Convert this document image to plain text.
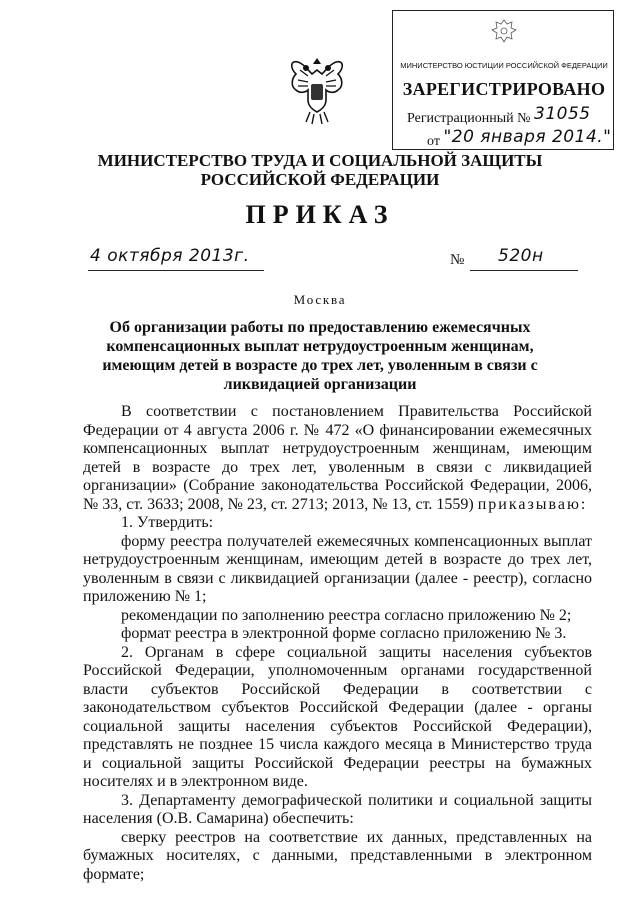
МИНИСТЕРСТВО ЮСТИЦИИ РОССИЙСКОЙ ФЕДЕРАЦИИ
ЗАРЕГИСТРИРОВАНО
Регистрационный № 31055
от "20 января 2014."
МИНИСТЕРСТВО ТРУДА И СОЦИАЛЬНОЙ ЗАЩИТЫ
РОССИЙСКОЙ ФЕДЕРАЦИИ
ПРИКАЗ
4 октября 2013г.	№ 520н
Москва
Об организации работы по предоставлению ежемесячных
компенсационных выплат нетрудоустроенным женщинам,
имеющим детей в возрасте до трех лет, уволенным в связи с
ликвидацией организации

В соответствии с постановлением Правительства Российской Федерации от 4 августа 2006 г. № 472 «О финансировании ежемесячных компенсационных выплат нетрудоустроенным женщинам, имеющим детей в возрасте до трех лет, уволенным в связи с ликвидацией организации» (Собрание законодательства Российской Федерации, 2006, № 33, ст. 3633; 2008, № 23, ст. 2713; 2013, № 13, ст. 1559) приказываю:

1. Утвердить:

форму реестра получателей ежемесячных компенсационных выплат нетрудоустроенным женщинам, имеющим детей в возрасте до трех лет, уволенным в связи с ликвидацией организации (далее - реестр), согласно приложению № 1;

рекомендации по заполнению реестра согласно приложению № 2;

формат реестра в электронной форме согласно приложению № 3.

2. Органам в сфере социальной защиты населения субъектов Российской Федерации, уполномоченным органами государственной власти субъектов Российской Федерации в соответствии с законодательством субъектов Российской Федерации (далее - органы социальной защиты населения субъектов Российской Федерации), представлять не позднее 15 числа каждого месяца в Министерство труда и социальной защиты Российской Федерации реестры на бумажных носителях и в электронном виде.

3. Департаменту демографической политики и социальной защиты населения (О.В. Самарина) обеспечить:

сверку реестров на соответствие их данных, представленных на бумажных носителях, с данными, представленными в электронном формате;
